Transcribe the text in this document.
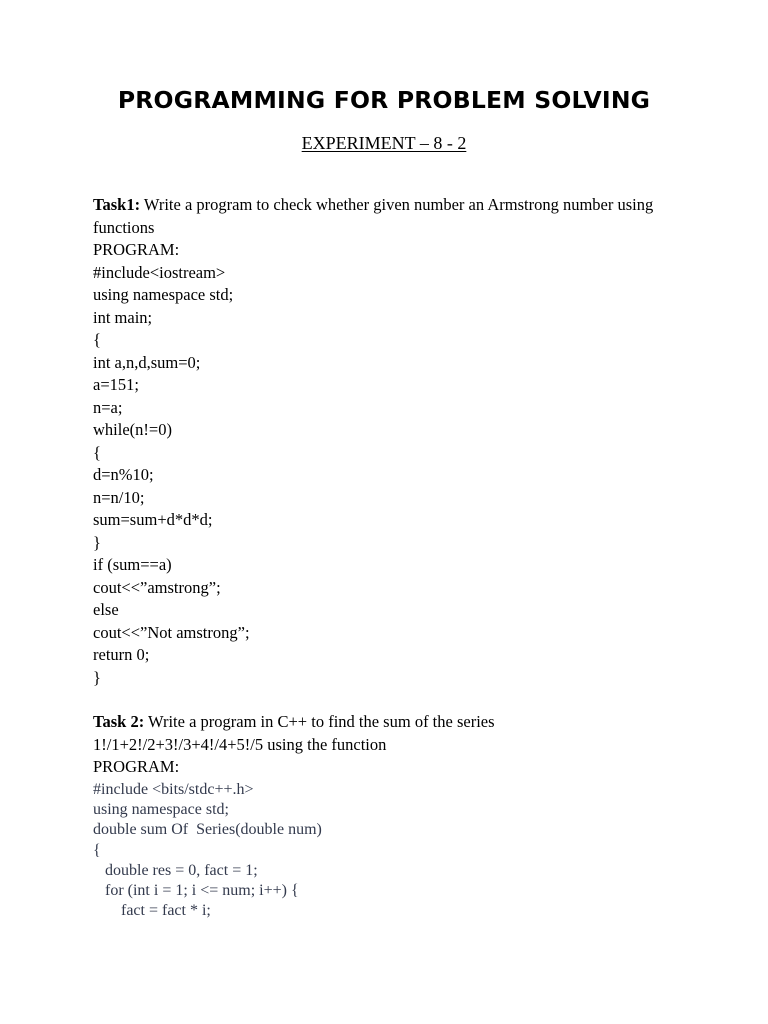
PROGRAMMING FOR PROBLEM SOLVING
EXPERIMENT – 8 - 2
Task1: Write a program to check whether given number an Armstrong number using functions
PROGRAM:
#include<iostream>
using namespace std;
int main;
{
int a,n,d,sum=0;
a=151;
n=a;
while(n!=0)
{
d=n%10;
n=n/10;
sum=sum+d*d*d;
}
if (sum==a)
cout<<”amstrong”;
else
cout<<”Not amstrong”;
return 0;
}
Task 2: Write a program in C++ to find the sum of the series
1!/1+2!/2+3!/3+4!/4+5!/5 using the function
PROGRAM:
#include <bits/stdc++.h>
using namespace std;
double sum Of  Series(double num)
{
double res = 0, fact = 1;
for (int i = 1; i <= num; i++) {
fact = fact * i;
